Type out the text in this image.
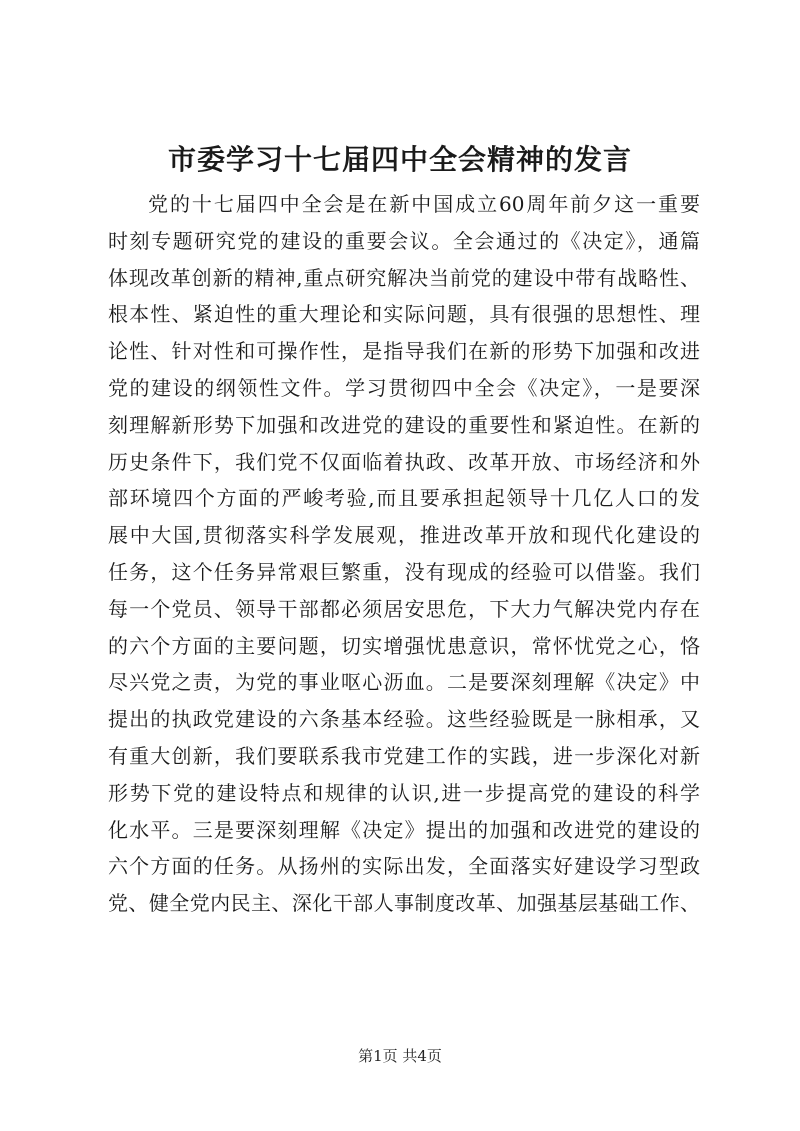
市委学习十七届四中全会精神的发言
党的十七届四中全会是在新中国成立60周年前夕这一重要
时刻专题研究党的建设的重要会议。全会通过的《决定》，通篇
体现改革创新的精神,重点研究解决当前党的建设中带有战略性、
根本性、紧迫性的重大理论和实际问题，具有很强的思想性、理
论性、针对性和可操作性，是指导我们在新的形势下加强和改进
党的建设的纲领性文件。学习贯彻四中全会《决定》，一是要深
刻理解新形势下加强和改进党的建设的重要性和紧迫性。在新的
历史条件下，我们党不仅面临着执政、改革开放、市场经济和外
部环境四个方面的严峻考验,而且要承担起领导十几亿人口的发
展中大国,贯彻落实科学发展观，推进改革开放和现代化建设的
任务，这个任务异常艰巨繁重，没有现成的经验可以借鉴。我们
每一个党员、领导干部都必须居安思危，下大力气解决党内存在
的六个方面的主要问题，切实增强忧患意识，常怀忧党之心，恪
尽兴党之责，为党的事业呕心沥血。二是要深刻理解《决定》中
提出的执政党建设的六条基本经验。这些经验既是一脉相承，又
有重大创新，我们要联系我市党建工作的实践，进一步深化对新
形势下党的建设特点和规律的认识,进一步提高党的建设的科学
化水平。三是要深刻理解《决定》提出的加强和改进党的建设的
六个方面的任务。从扬州的实际出发，全面落实好建设学习型政
党、健全党内民主、深化干部人事制度改革、加强基层基础工作、
第1页 共4页
